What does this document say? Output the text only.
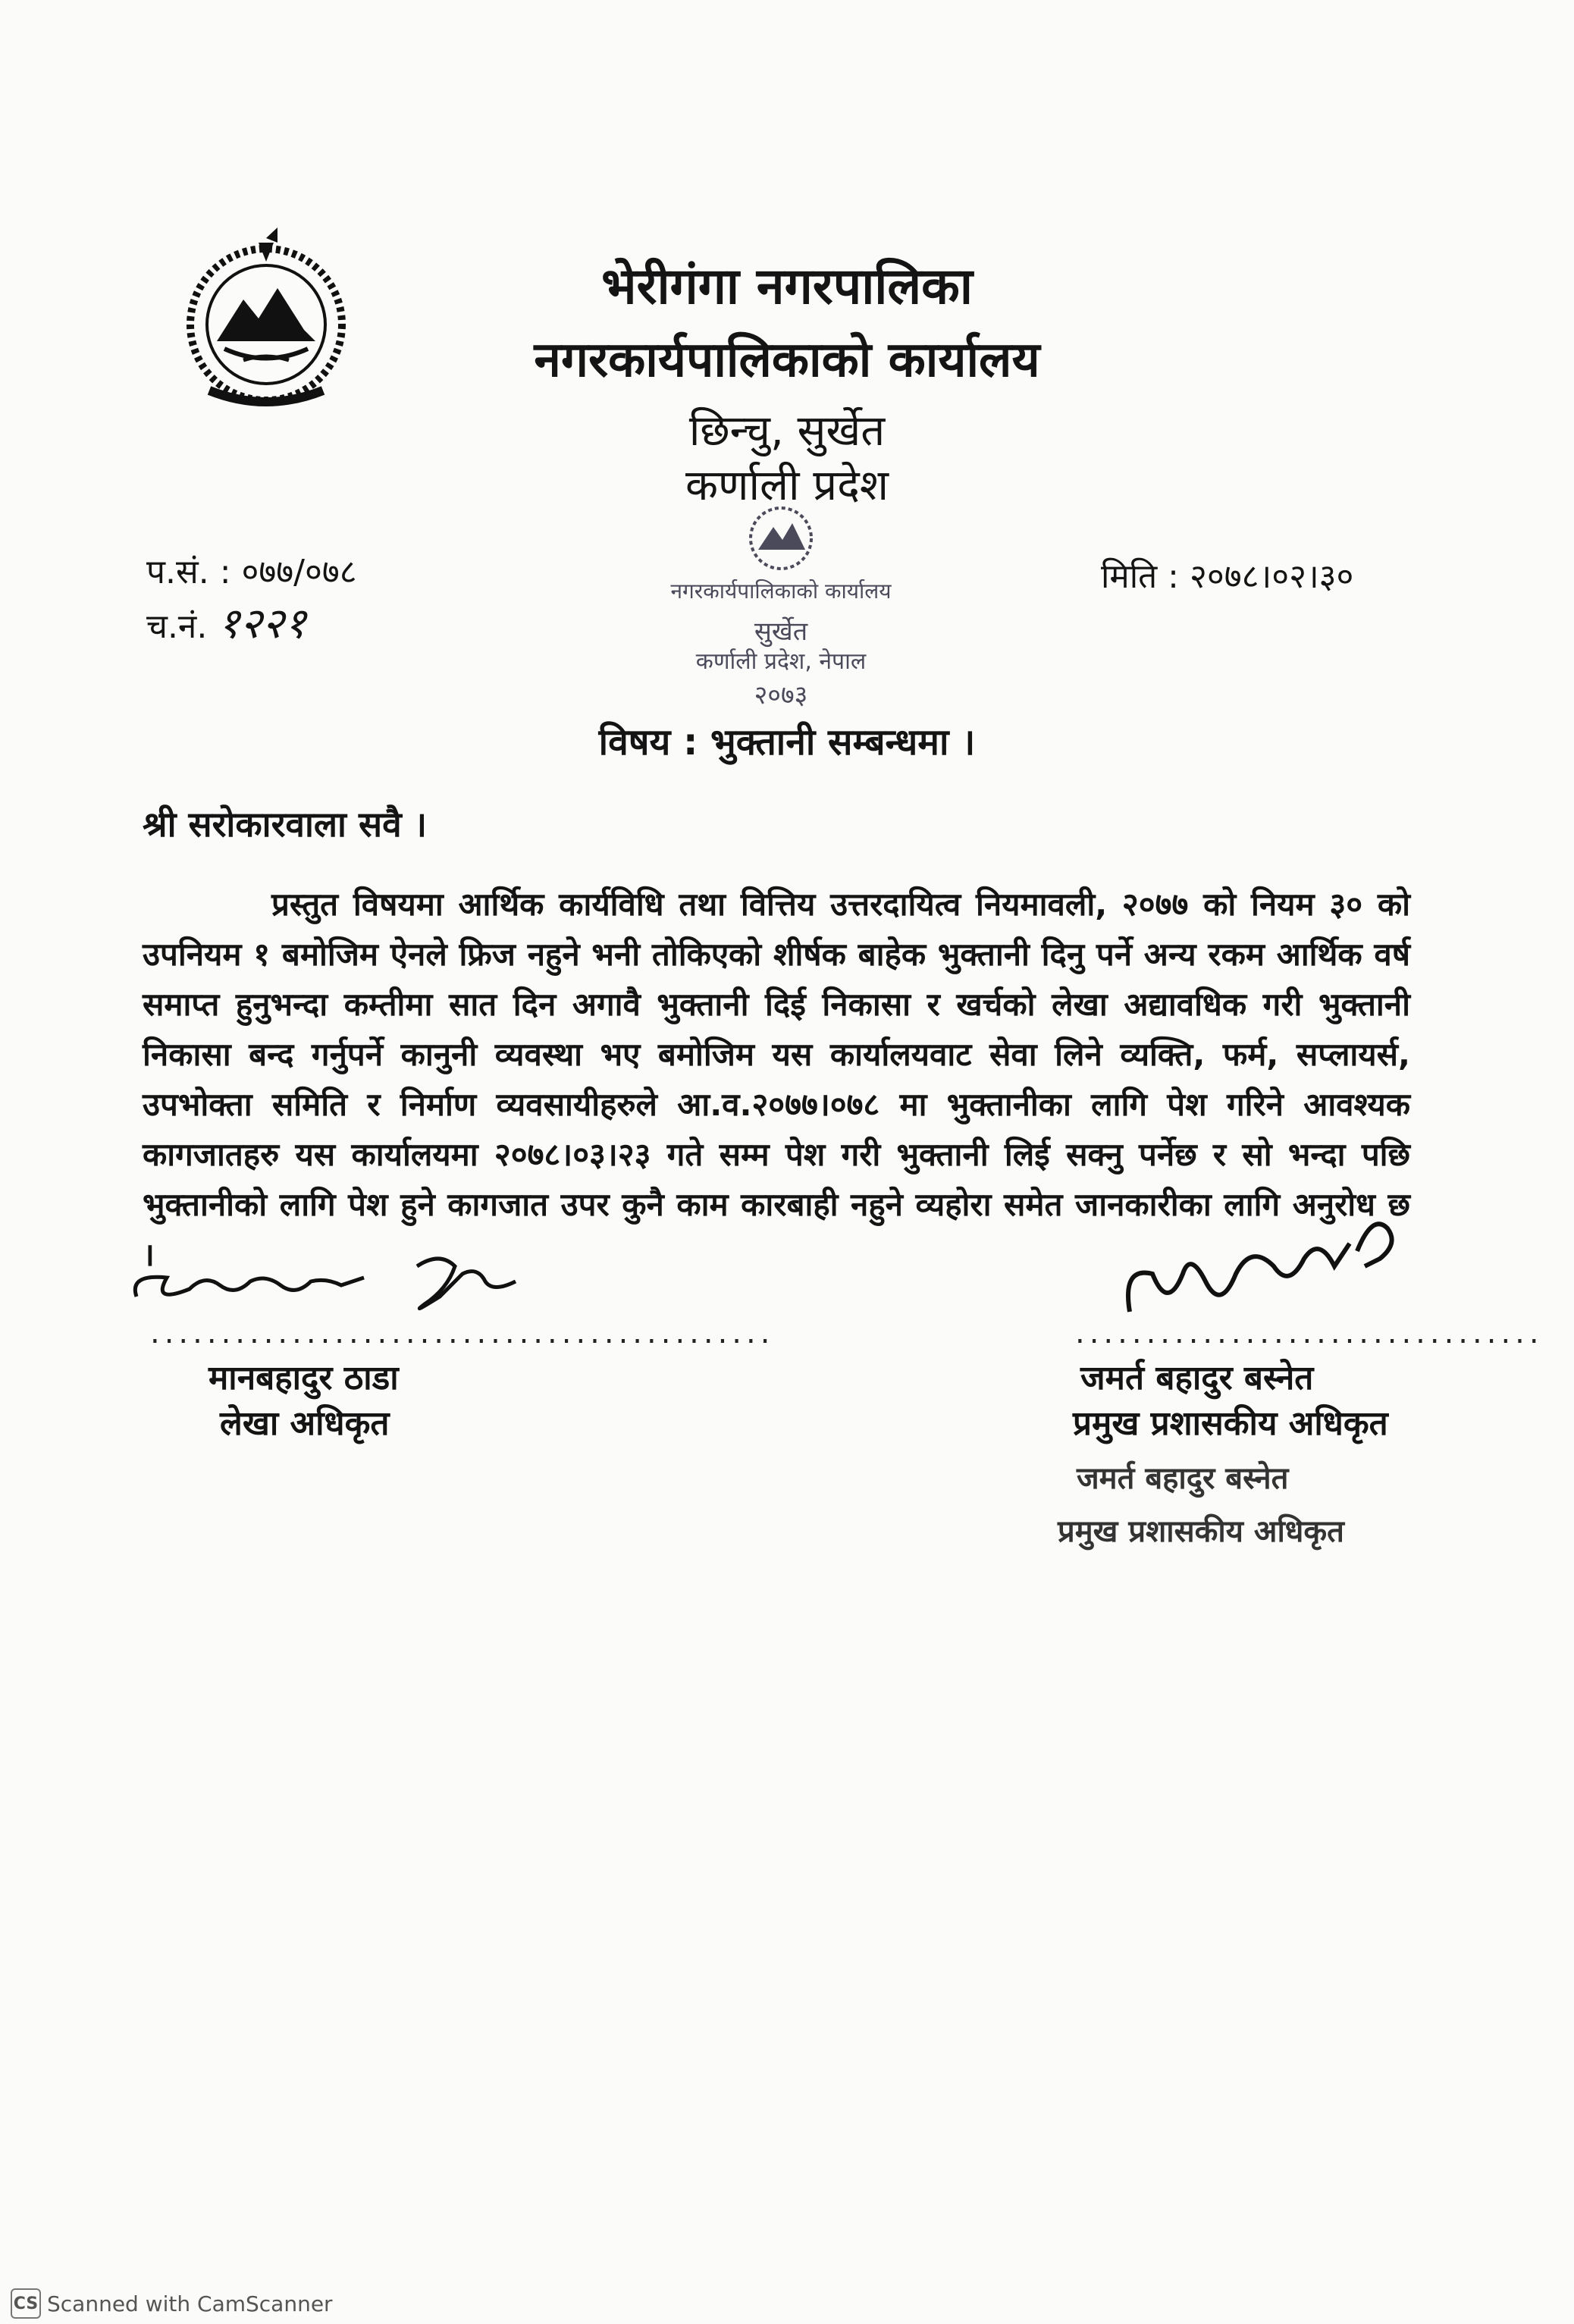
भेरीगंगा नगरपालिका
नगरकार्यपालिकाको कार्यालय
छिन्चु, सुर्खेत
कर्णाली प्रदेश
प.सं. : ०७७/०७८
च.नं. १२२१
मिति : २०७८।०२।३०
नगरकार्यपालिकाको कार्यालय
सुर्खेत
कर्णाली प्रदेश, नेपाल
२०७३
विषय : भुक्तानी सम्बन्धमा ।
श्री सरोकारवाला सवै ।
प्रस्तुत विषयमा आर्थिक कार्यविधि तथा वित्तिय उत्तरदायित्व नियमावली, २०७७ को नियम ३० को उपनियम १ बमोजिम ऐनले फ्रिज नहुने भनी तोकिएको शीर्षक बाहेक भुक्तानी दिनु पर्ने अन्य रकम आर्थिक वर्ष समाप्त हुनुभन्दा कम्तीमा सात दिन अगावै भुक्तानी दिई निकासा र खर्चको लेखा अद्यावधिक गरी भुक्तानी निकासा बन्द गर्नुपर्ने कानुनी व्यवस्था भए बमोजिम यस कार्यालयवाट सेवा लिने व्यक्ति, फर्म, सप्लायर्स, उपभोक्ता समिति र निर्माण व्यवसायीहरुले आ.व.२०७७।०७८ मा भुक्तानीका लागि पेश गरिने आवश्यक कागजातहरु यस कार्यालयमा २०७८।०३।२३ गते सम्म पेश गरी भुक्तानी लिई सक्नु पर्नेछ र सो भन्दा पछि भुक्तानीको लागि पेश हुने कागजात उपर कुनै काम कारबाही नहुने व्यहोरा समेत जानकारीका लागि अनुरोध छ ।
............................................
मानबहादुर ठाडा
लेखा अधिकृत
.................................
जमर्त बहादुर बस्नेत
प्रमुख प्रशासकीय अधिकृत
जमर्त बहादुर बस्नेत
प्रमुख प्रशासकीय अधिकृत
CS Scanned with CamScanner
